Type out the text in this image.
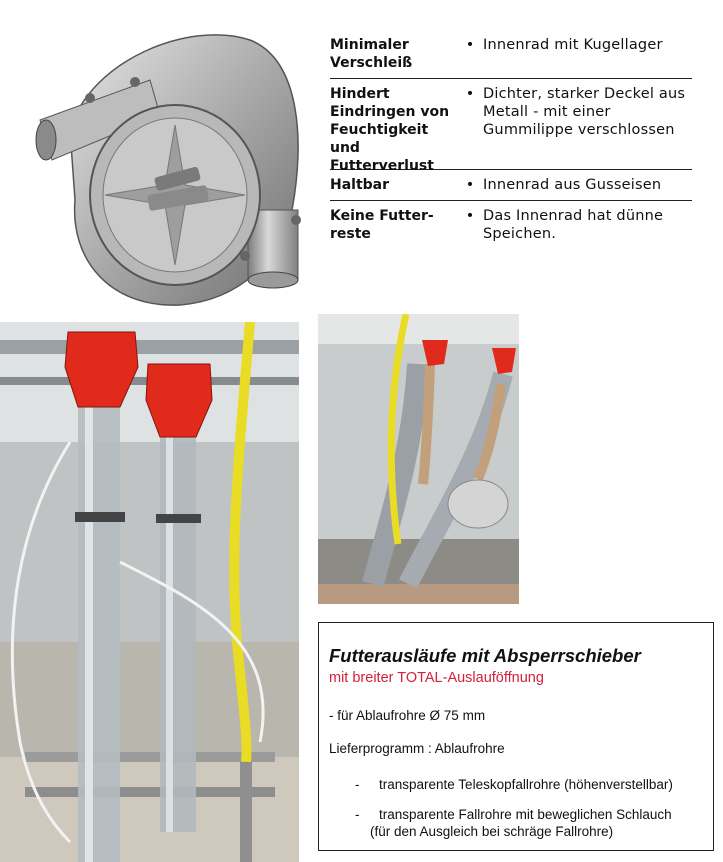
Minimaler Verschleiß
• Innenrad mit Kugellager
Hindert Eindringen von Feuchtigkeit und Futterverlust
• Dichter, starker Deckel aus Metall - mit einer Gummilippe verschlossen
Haltbar	• Innenrad aus Gusseisen
Keine Futter-reste
• Das Innenrad hat dünne Speichen.
Futterausläufe mit Absperrschieber
mit breiter TOTAL-Auslauföffnung
- für Ablaufrohre Ø 75 mm
Lieferprogramm : Ablaufrohre
- transparente Teleskopfallrohre (höhenverstellbar)
- transparente Fallrohre mit beweglichen Schlauch
(für den Ausgleich bei schräge Fallrohre)
